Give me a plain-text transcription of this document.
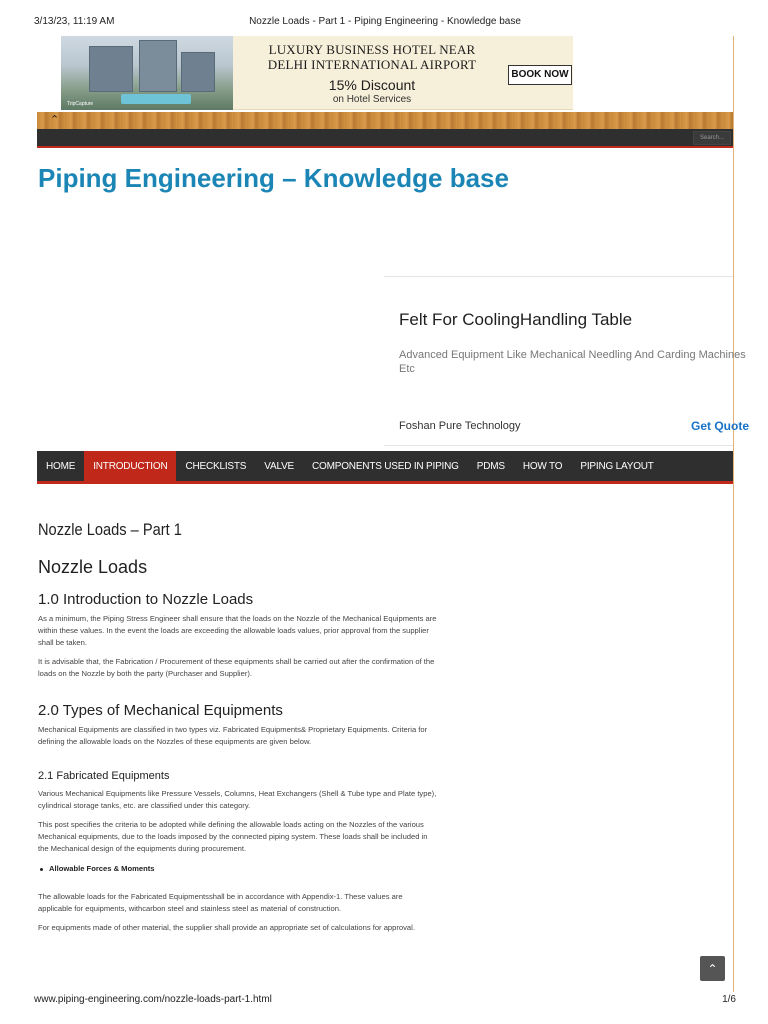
3/13/23, 11:19 AM	Nozzle Loads - Part 1 - Piping Engineering - Knowledge base
TripCapture
LUXURY BUSINESS HOTEL NEAR
DELHI INTERNATIONAL AIRPORT
15% Discount
on Hotel Services
BOOK NOW
⌃
Search...
Piping Engineering – Knowledge base
Felt For CoolingHandling Table
Advanced Equipment Like Mechanical Needling And Carding Machines Etc
Foshan Pure Technology	Get Quote
HOME	INTRODUCTION	CHECKLISTS	VALVE	COMPONENTS USED IN PIPING	PDMS	HOW TO	PIPING LAYOUT
Nozzle Loads – Part 1
Nozzle Loads
1.0 Introduction to Nozzle Loads
As a minimum, the Piping Stress Engineer shall ensure that the loads on the Nozzle of the Mechanical Equipments are within these values. In the event the loads are exceeding the allowable loads values, prior approval from the supplier shall be taken.
It is advisable that, the Fabrication / Procurement of these equipments shall be carried out after the confirmation of the loads on the Nozzle by both the party (Purchaser and Supplier).
2.0 Types of Mechanical Equipments
Mechanical Equipments are classified in two types viz. Fabricated Equipments& Proprietary Equipments. Criteria for defining the allowable loads on the Nozzles of these equipments are given below.
2.1 Fabricated Equipments
Various Mechanical Equipments like Pressure Vessels, Columns, Heat Exchangers (Shell & Tube type and Plate type), cylindrical storage tanks, etc. are classified under this category.
This post specifies the criteria to be adopted while defining the allowable loads acting on the Nozzles of the various Mechanical equipments, due to the loads imposed by the connected piping system. These loads shall be included in the Mechanical design of the equipments during procurement.
Allowable Forces & Moments
The allowable loads for the Fabricated Equipmentsshall be in accordance with Appendix-1. These values are applicable for equipments, withcarbon steel and stainless steel as material of construction.
For equipments made of other material, the supplier shall provide an appropriate set of calculations for approval.
⌃
www.piping-engineering.com/nozzle-loads-part-1.html	1/6
